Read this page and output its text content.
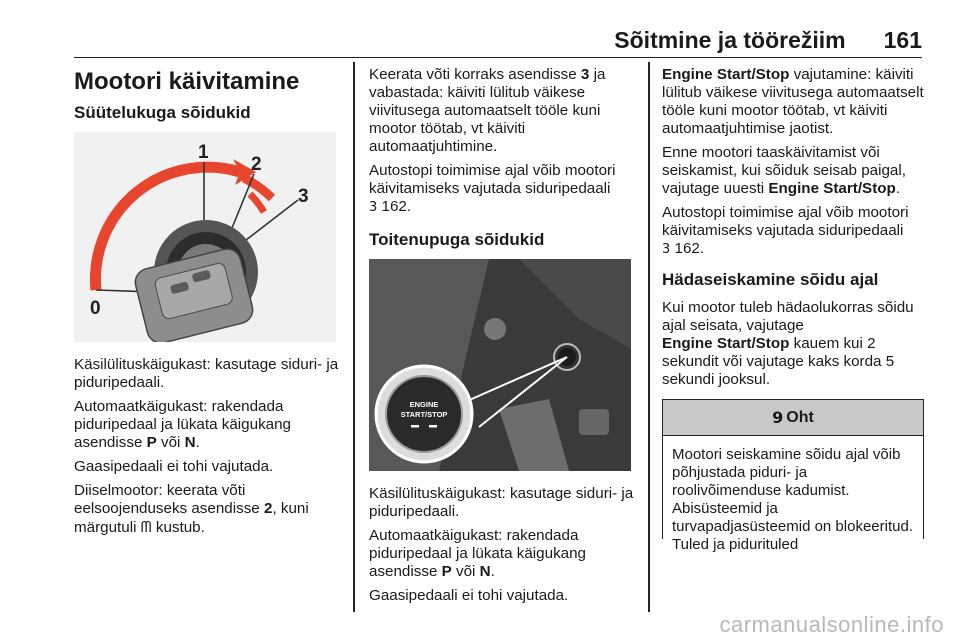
Sõitmine ja töörežiim 161
Mootori käivitamine
Süütelukuga sõidukid
0
1
2
3

Käsilülituskäigukast: kasutage siduri- ja piduripedaali.

Automaatkäigukast: rakendada piduripedaal ja lükata käigukang asendisse P või N.

Gaasipedaali ei tohi vajutada.

Diiselmootor: keerata võti eelsoojenduseks asendisse 2, kuni märgutuli ᗰ kustub.

Keerata võti korraks asendisse 3 ja vabastada: käiviti lülitub väikese viivitusega automaatselt tööle kuni mootor töötab, vt käiviti automaatjuhtimine.

Autostopi toimimise ajal võib mootori käivitamiseks vajutada siduripedaali
3 162.

Toitenupuga sõidukid
ENGINE
START/STOP

Käsilülituskäigukast: kasutage siduri- ja piduripedaali.

Automaatkäigukast: rakendada piduripedaal ja lükata käigukang asendisse P või N.

Gaasipedaali ei tohi vajutada.

Engine Start/Stop vajutamine: käiviti lülitub väikese viivitusega automaatselt tööle kuni mootor töötab, vt käiviti automaatjuhtimise jaotist.

Enne mootori taaskäivitamist või seiskamist, kui sõiduk seisab paigal, vajutage uuesti Engine Start/Stop.

Autostopi toimimise ajal võib mootori käivitamiseks vajutada siduripedaali
3 162.

Hädaseiskamine sõidu ajal

Kui mootor tuleb hädaolukorras sõidu ajal seisata, vajutage
Engine Start/Stop kauem kui 2 sekundit või vajutage kaks korda 5 sekundi jooksul.

9 Oht
Mootori seiskamine sõidu ajal võib põhjustada piduri- ja roolivõimenduse kadumist. Abisüsteemid ja turvapadjasüsteemid on blokeeritud. Tuled ja pidurituled
carmanualsonline.info
